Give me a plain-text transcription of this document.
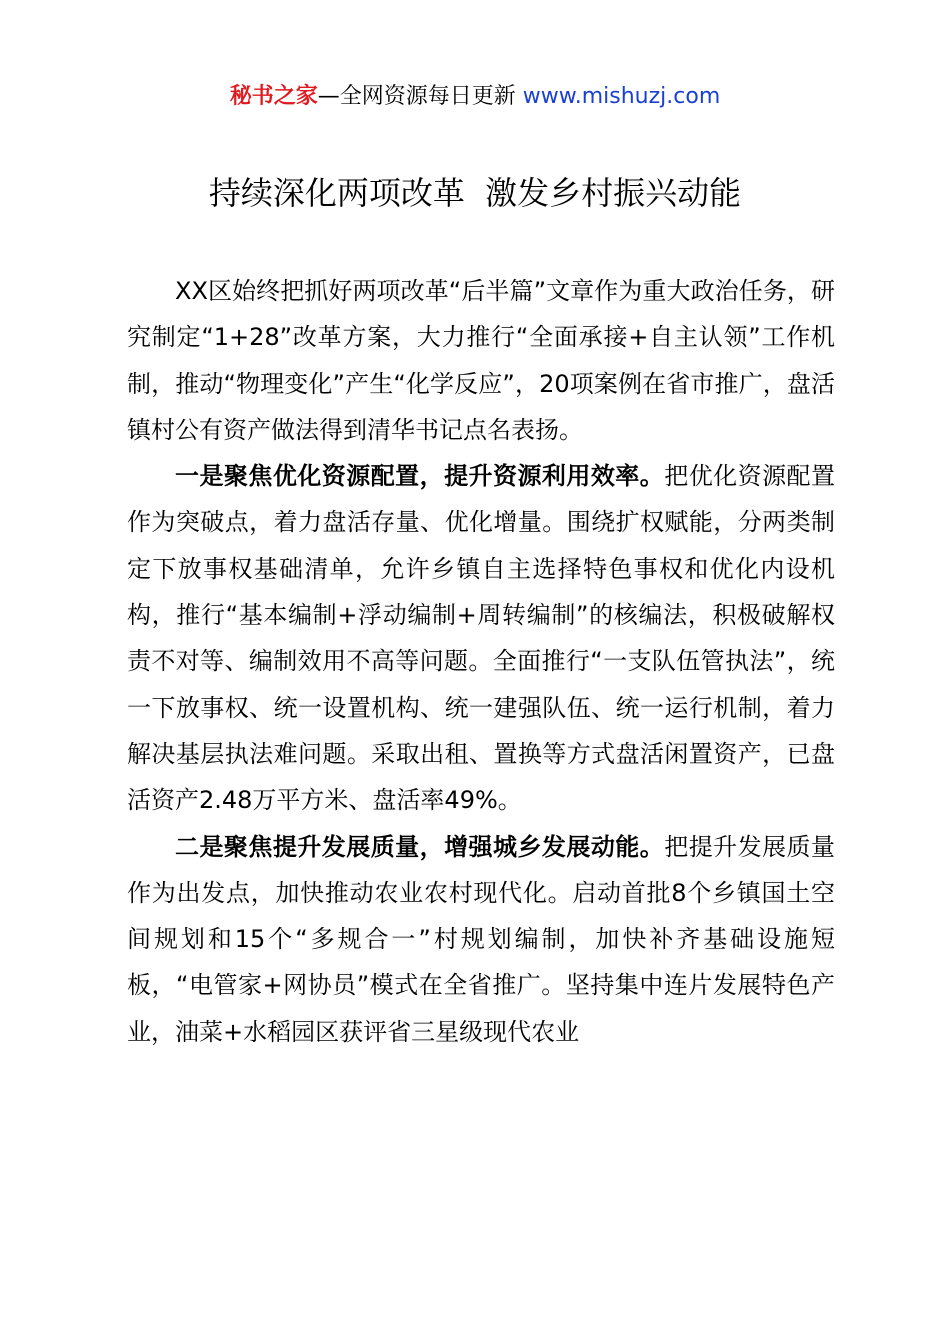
秘书之家—全网资源每日更新 www.mishuzj.com
持续深化两项改革  激发乡村振兴动能

XX区始终把抓好两项改革“后半篇”文章作为重大政治任务，研究制定“1+28”改革方案，大力推行“全面承接+自主认领”工作机制，推动“物理变化”产生“化学反应”，20项案例在省市推广，盘活镇村公有资产做法得到清华书记点名表扬。

一是聚焦优化资源配置，提升资源利用效率。把优化资源配置作为突破点，着力盘活存量、优化增量。围绕扩权赋能，分两类制定下放事权基础清单，允许乡镇自主选择特色事权和优化内设机构，推行“基本编制+浮动编制+周转编制”的核编法，积极破解权责不对等、编制效用不高等问题。全面推行“一支队伍管执法”，统一下放事权、统一设置机构、统一建强队伍、统一运行机制，着力解决基层执法难问题。采取出租、置换等方式盘活闲置资产，已盘活资产2.48万平方米、盘活率49%。

二是聚焦提升发展质量，增强城乡发展动能。把提升发展质量作为出发点，加快推动农业农村现代化。启动首批8个乡镇国土空间规划和15个“多规合一”村规划编制，加快补齐基础设施短板，“电管家+网协员”模式在全省推广。坚持集中连片发展特色产业，油菜+水稻园区获评省三星级现代农业
